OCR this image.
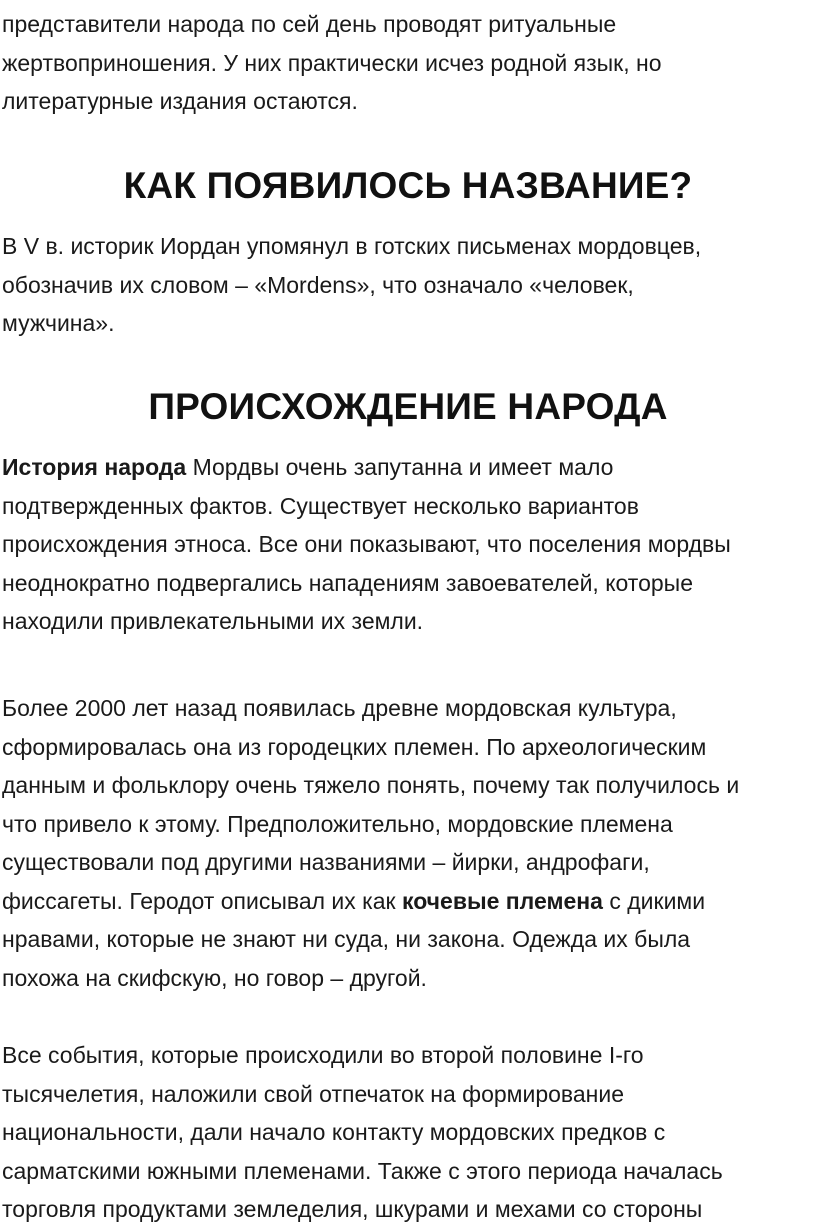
представители народа по сей день проводят ритуальные
жертвоприношения. У них практически исчез родной язык, но
литературные издания остаются.

КАК ПОЯВИЛОСЬ НАЗВАНИЕ?

В V в. историк Иордан упомянул в готских письменах мордовцев,
обозначив их словом – «Mordens», что означало «человек,
мужчина».

ПРОИСХОЖДЕНИЕ НАРОДА

История народа Мордвы очень запутанна и имеет мало
подтвержденных фактов. Существует несколько вариантов
происхождения этноса. Все они показывают, что поселения мордвы
неоднократно подвергались нападениям завоевателей, которые
находили привлекательными их земли.

Более 2000 лет назад появилась древне мордовская культура,
сформировалась она из городецких племен. По археологическим
данным и фольклору очень тяжело понять, почему так получилось и
что привело к этому. Предположительно, мордовские племена
существовали под другими названиями – йирки, андрофаги,
фиссагеты. Геродот описывал их как кочевые племена с дикими
нравами, которые не знают ни суда, ни закона. Одежда их была
похожа на скифскую, но говор – другой.

Все события, которые происходили во второй половине I-го
тысячелетия, наложили свой отпечаток на формирование
национальности, дали начало контакту мордовских предков с
сарматскими южными племенами. Также с этого периода началась
торговля продуктами земледелия, шкурами и мехами со стороны
